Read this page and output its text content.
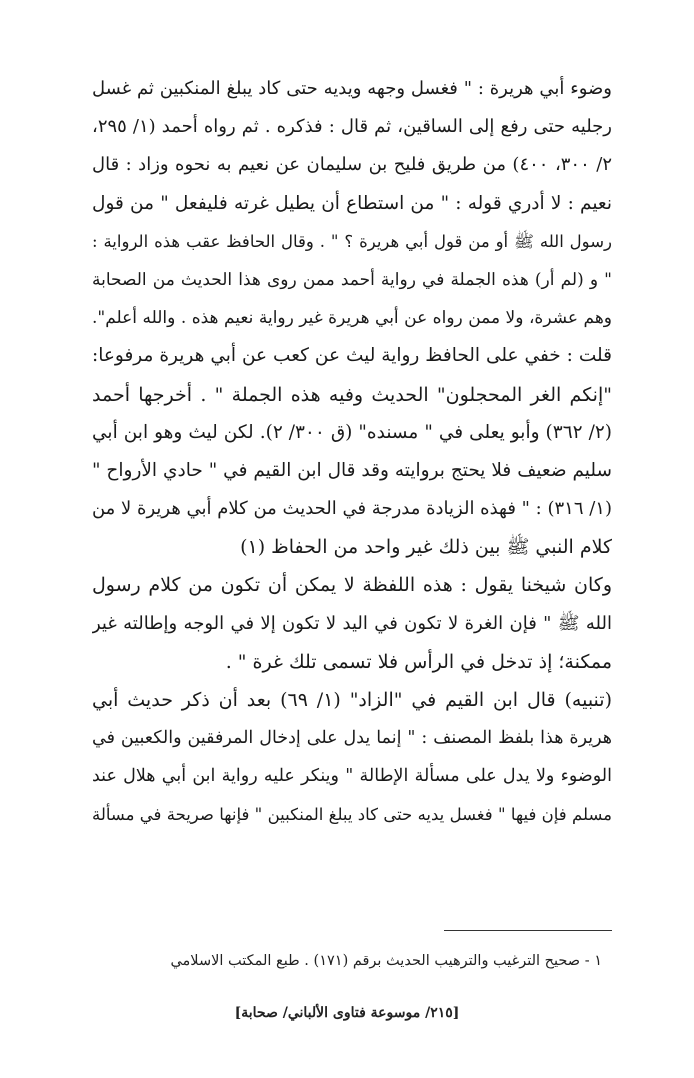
وضوء أبي هريرة : " فغسل وجهه ويديه حتى كاد يبلغ المنكبين ثم غسل
رجليه حتى رفع إلى الساقين، ثم قال : فذكره . ثم رواه أحمد (١/ ٢٩٥،
٢/ ٣٠٠، ٤٠٠) من طريق فليح بن سليمان عن نعيم به نحوه وزاد : قال
نعيم : لا أدري قوله : " من استطاع أن يطيل غرته فليفعل " من قول
رسول الله ﷺ أو من قول أبي هريرة ؟ " . وقال الحافظ عقب هذه الرواية :
" و (لم أر) هذه الجملة في رواية أحمد ممن روى هذا الحديث من الصحابة
وهم عشرة، ولا ممن رواه عن أبي هريرة غير رواية نعيم هذه . والله أعلم".
قلت : خفي على الحافظ رواية ليث عن كعب عن أبي هريرة مرفوعا:
"إنكم الغر المحجلون" الحديث وفيه هذه الجملة " . أخرجها أحمد
(٢/ ٣٦٢) وأبو يعلى في " مسنده" (ق ٣٠٠/ ٢). لكن ليث وهو ابن أبي
سليم ضعيف فلا يحتج بروايته وقد قال ابن القيم في " حادي الأرواح "
(١/ ٣١٦) : " فهذه الزيادة مدرجة في الحديث من كلام أبي هريرة لا من
كلام النبي ﷺ بين ذلك غير واحد من الحفاظ (١)
وكان شيخنا يقول : هذه اللفظة لا يمكن أن تكون من كلام رسول
الله ﷺ " فإن الغرة لا تكون في اليد لا تكون إلا في الوجه وإطالته غير
ممكنة؛ إذ تدخل في الرأس فلا تسمى تلك غرة " .
(تنبيه) قال ابن القيم في "الزاد" (١/ ٦٩) بعد أن ذكر حديث أبي
هريرة هذا بلفظ المصنف : " إنما يدل على إدخال المرفقين والكعبين في
الوضوء ولا يدل على مسألة الإطالة " وينكر عليه رواية ابن أبي هلال عند
مسلم فإن فيها " فغسل يديه حتى كاد يبلغ المنكبين " فإنها صريحة في مسألة
١ - صحيح الترغيب والترهيب الحديث برقم (١٧١) . طبع المكتب الاسلامي
[٢١٥/ موسوعة فتاوى الألباني/ صحابة]
